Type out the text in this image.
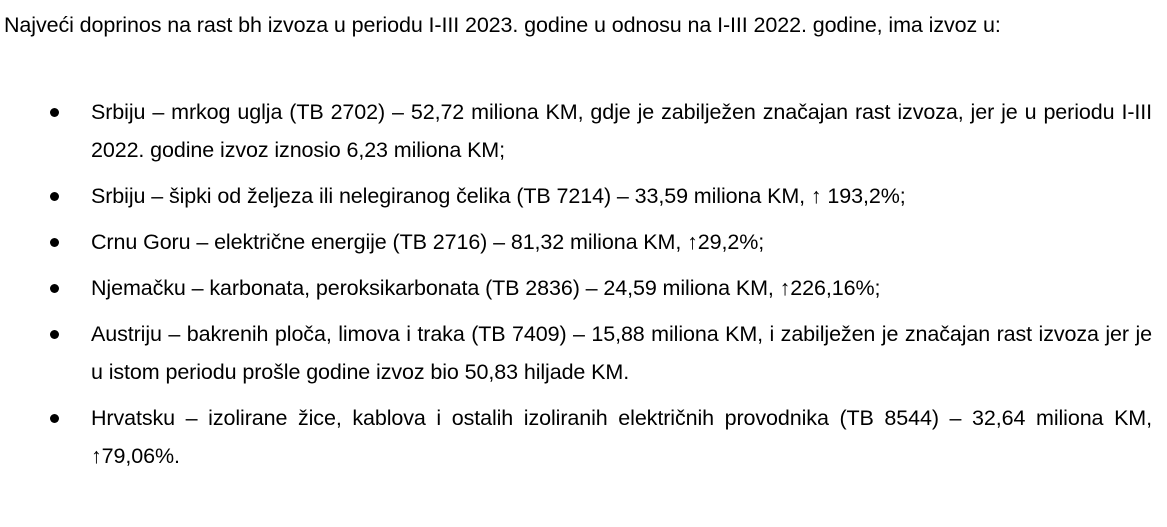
Najveći doprinos na rast bh izvoza u periodu I-III 2023. godine u odnosu na I-III 2022. godine, ima izvoz u:

Srbiju – mrkog uglja (TB 2702) – 52,72 miliona KM, gdje je zabilježen značajan rast izvoza, jer je u periodu I-III 2022. godine izvoz iznosio 6,23 miliona KM;
Srbiju – šipki od željeza ili nelegiranog čelika (TB 7214) – 33,59 miliona KM, ↑ 193,2%;
Crnu Goru – električne energije (TB 2716) – 81,32 miliona KM, ↑29,2%;
Njemačku – karbonata, peroksikarbonata (TB 2836) – 24,59 miliona KM, ↑226,16%;
Austriju – bakrenih ploča, limova i traka (TB 7409) – 15,88 miliona KM, i zabilježen je značajan rast izvoza jer je u istom periodu prošle godine izvoz bio 50,83 hiljade KM.
Hrvatsku – izolirane žice, kablova i ostalih izoliranih električnih provodnika (TB 8544) – 32,64 miliona KM, ↑79,06%.
